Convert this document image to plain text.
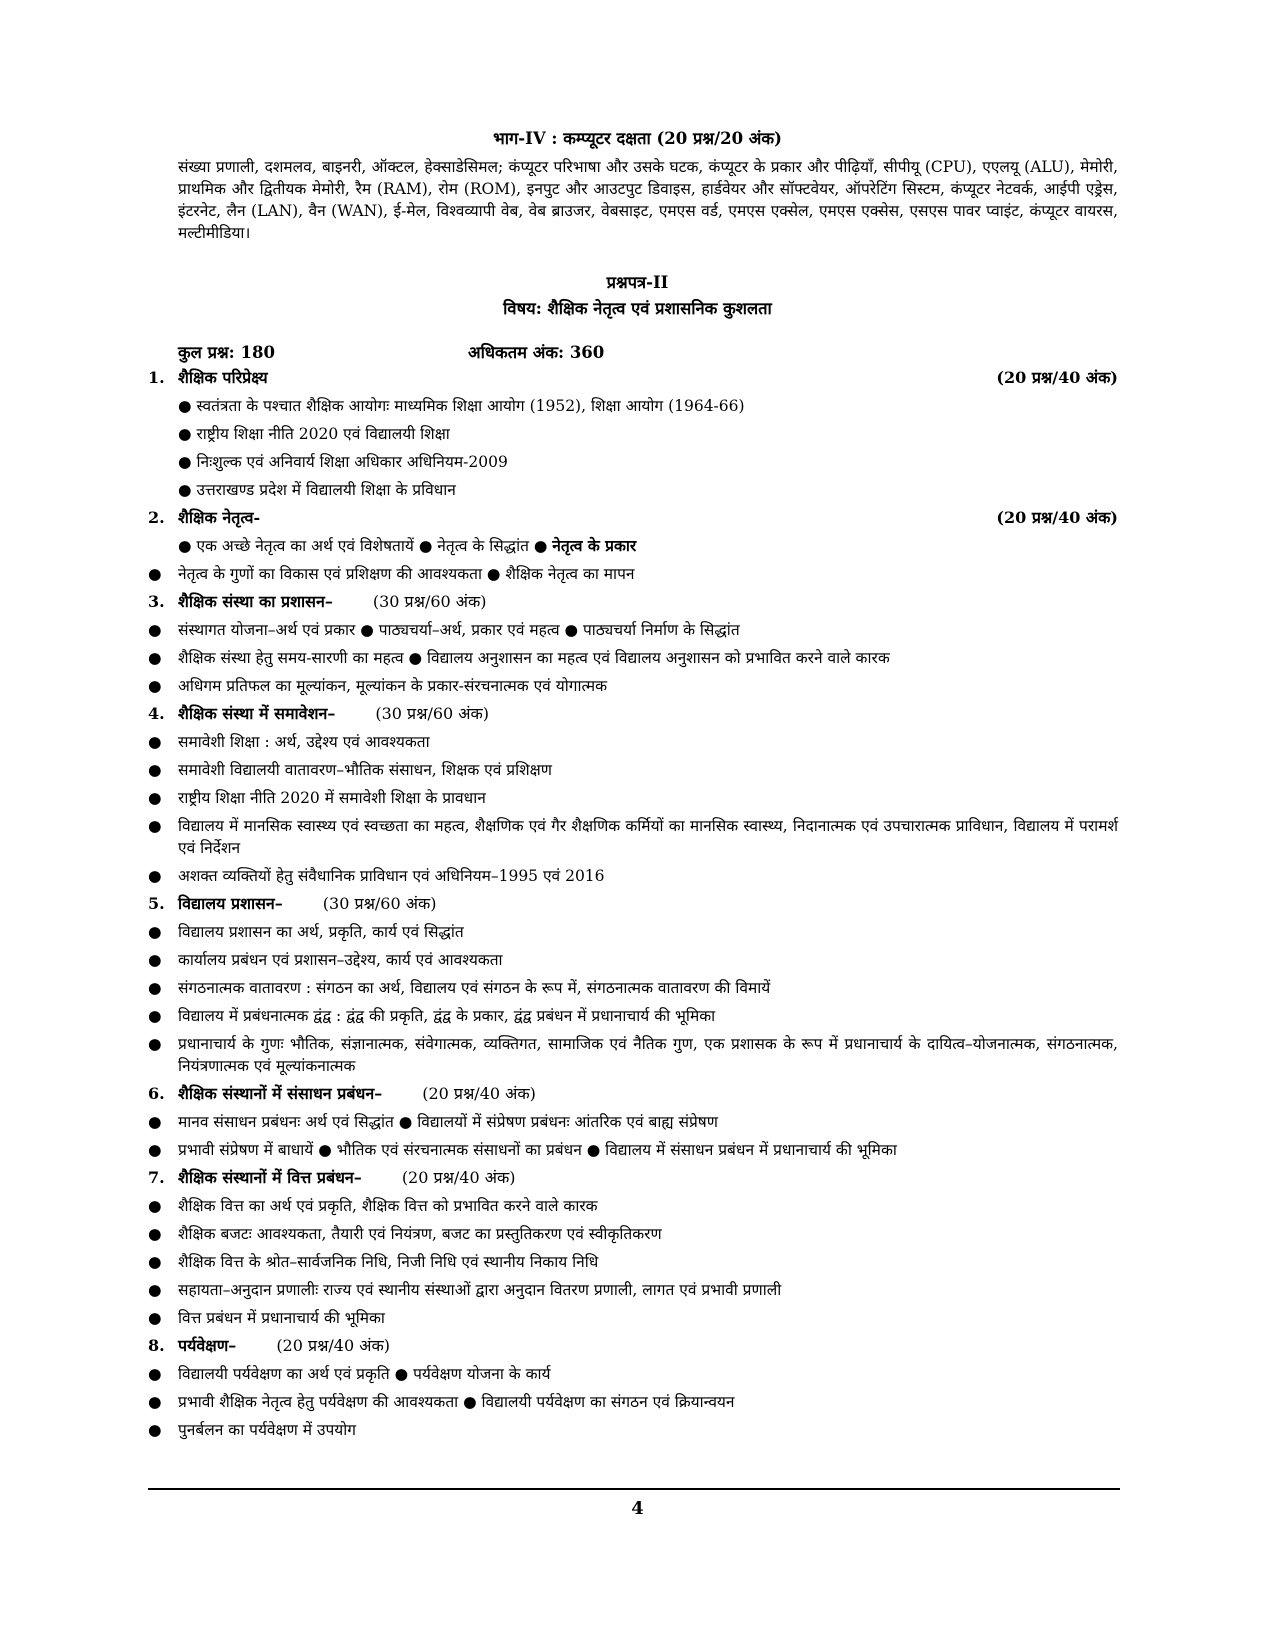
भाग-IV : कम्प्यूटर दक्षता (20 प्रश्न/20 अंक)
संख्या प्रणाली, दशमलव, बाइनरी, ऑक्टल, हेक्साडेसिमल; कंप्यूटर परिभाषा और उसके घटक, कंप्यूटर के प्रकार और पीढ़ियाँ, सीपीयू (CPU), एएलयू (ALU), मेमोरी, प्राथमिक और द्वितीयक मेमोरी, रैम (RAM), रोम (ROM), इनपुट और आउटपुट डिवाइस, हार्डवेयर और सॉफ्टवेयर, ऑपरेटिंग सिस्टम, कंप्यूटर नेटवर्क, आईपी एड्रेस, इंटरनेट, लैन (LAN), वैन (WAN), ई-मेल, विश्वव्यापी वेब, वेब ब्राउजर, वेबसाइट, एमएस वर्ड, एमएस एक्सेल, एमएस एक्सेस, एसएस पावर प्वाइंट, कंप्यूटर वायरस, मल्टीमीडिया।
प्रश्नपत्र-II
विषय: शैक्षिक नेतृत्व एवं प्रशासनिक कुशलता
कुल प्रश्न: 180	अधिकतम अंक: 360
1. शैक्षिक परिप्रेक्ष्य	(20 प्रश्न/40 अंक)
● स्वतंत्रता के पश्चात शैक्षिक आयोगः माध्यमिक शिक्षा आयोग (1952), शिक्षा आयोग (1964-66)
● राष्ट्रीय शिक्षा नीति 2020 एवं विद्यालयी शिक्षा
● निःशुल्क एवं अनिवार्य शिक्षा अधिकार अधिनियम-2009
● उत्तराखण्ड प्रदेश में विद्यालयी शिक्षा के प्रविधान
2. शैक्षिक नेतृत्व-	(20 प्रश्न/40 अंक)
● एक अच्छे नेतृत्व का अर्थ एवं विशेषतायें ● नेतृत्व के सिद्धांत ● नेतृत्व के प्रकार
●	नेतृत्व के गुणों का विकास एवं प्रशिक्षण की आवश्यकता ● शैक्षिक नेतृत्व का मापन
3. शैक्षिक संस्था का प्रशासन–	(30 प्रश्न/60 अंक)
●	संस्थागत योजना–अर्थ एवं प्रकार ● पाठ्यचर्या–अर्थ, प्रकार एवं महत्व ● पाठ्यचर्या निर्माण के सिद्धांत
●	शैक्षिक संस्था हेतु समय-सारणी का महत्व ● विद्यालय अनुशासन का महत्व एवं विद्यालय अनुशासन को प्रभावित करने वाले कारक
●	अधिगम प्रतिफल का मूल्यांकन, मूल्यांकन के प्रकार-संरचनात्मक एवं योगात्मक
4. शैक्षिक संस्था में समावेशन–	(30 प्रश्न/60 अंक)
●	समावेशी शिक्षा : अर्थ, उद्देश्य एवं आवश्यकता
●	समावेशी विद्यालयी वातावरण–भौतिक संसाधन, शिक्षक एवं प्रशिक्षण
●	राष्ट्रीय शिक्षा नीति 2020 में समावेशी शिक्षा के प्रावधान
●	विद्यालय में मानसिक स्वास्थ्य एवं स्वच्छता का महत्व, शैक्षणिक एवं गैर शैक्षणिक कर्मियों का मानसिक स्वास्थ्य, निदानात्मक एवं उपचारात्मक प्राविधान, विद्यालय में परामर्श एवं निर्देशन
●	अशक्त व्यक्तियों हेतु संवैधानिक प्राविधान एवं अधिनियम–1995 एवं 2016
5. विद्यालय प्रशासन–	(30 प्रश्न/60 अंक)
●	विद्यालय प्रशासन का अर्थ, प्रकृति, कार्य एवं सिद्धांत
●	कार्यालय प्रबंधन एवं प्रशासन–उद्देश्य, कार्य एवं आवश्यकता
●	संगठनात्मक वातावरण : संगठन का अर्थ, विद्यालय एवं संगठन के रूप में, संगठनात्मक वातावरण की विमायें
●	विद्यालय में प्रबंधनात्मक द्वंद्व : द्वंद्व की प्रकृति, द्वंद्व के प्रकार, द्वंद्व प्रबंधन में प्रधानाचार्य की भूमिका
●	प्रधानाचार्य के गुणः भौतिक, संज्ञानात्मक, संवेगात्मक, व्यक्तिगत, सामाजिक एवं नैतिक गुण, एक प्रशासक के रूप में प्रधानाचार्य के दायित्व–योजनात्मक, संगठनात्मक, नियंत्रणात्मक एवं मूल्यांकनात्मक
6. शैक्षिक संस्थानों में संसाधन प्रबंधन–	(20 प्रश्न/40 अंक)
●	मानव संसाधन प्रबंधनः अर्थ एवं सिद्धांत ● विद्यालयों में संप्रेषण प्रबंधनः आंतरिक एवं बाह्य संप्रेषण
●	प्रभावी संप्रेषण में बाधायें ● भौतिक एवं संरचनात्मक संसाधनों का प्रबंधन ● विद्यालय में संसाधन प्रबंधन में प्रधानाचार्य की भूमिका
7. शैक्षिक संस्थानों में वित्त प्रबंधन–	(20 प्रश्न/40 अंक)
●	शैक्षिक वित्त का अर्थ एवं प्रकृति, शैक्षिक वित्त को प्रभावित करने वाले कारक
●	शैक्षिक बजटः आवश्यकता, तैयारी एवं नियंत्रण, बजट का प्रस्तुतिकरण एवं स्वीकृतिकरण
●	शैक्षिक वित्त के श्रोत–सार्वजनिक निधि, निजी निधि एवं स्थानीय निकाय निधि
●	सहायता–अनुदान प्रणालीः राज्य एवं स्थानीय संस्थाओं द्वारा अनुदान वितरण प्रणाली, लागत एवं प्रभावी प्रणाली
●	वित्त प्रबंधन में प्रधानाचार्य की भूमिका
8. पर्यवेक्षण–	(20 प्रश्न/40 अंक)
●	विद्यालयी पर्यवेक्षण का अर्थ एवं प्रकृति ● पर्यवेक्षण योजना के कार्य
●	प्रभावी शैक्षिक नेतृत्व हेतु पर्यवेक्षण की आवश्यकता ● विद्यालयी पर्यवेक्षण का संगठन एवं क्रियान्वयन
●	पुनर्बलन का पर्यवेक्षण में उपयोग
4
